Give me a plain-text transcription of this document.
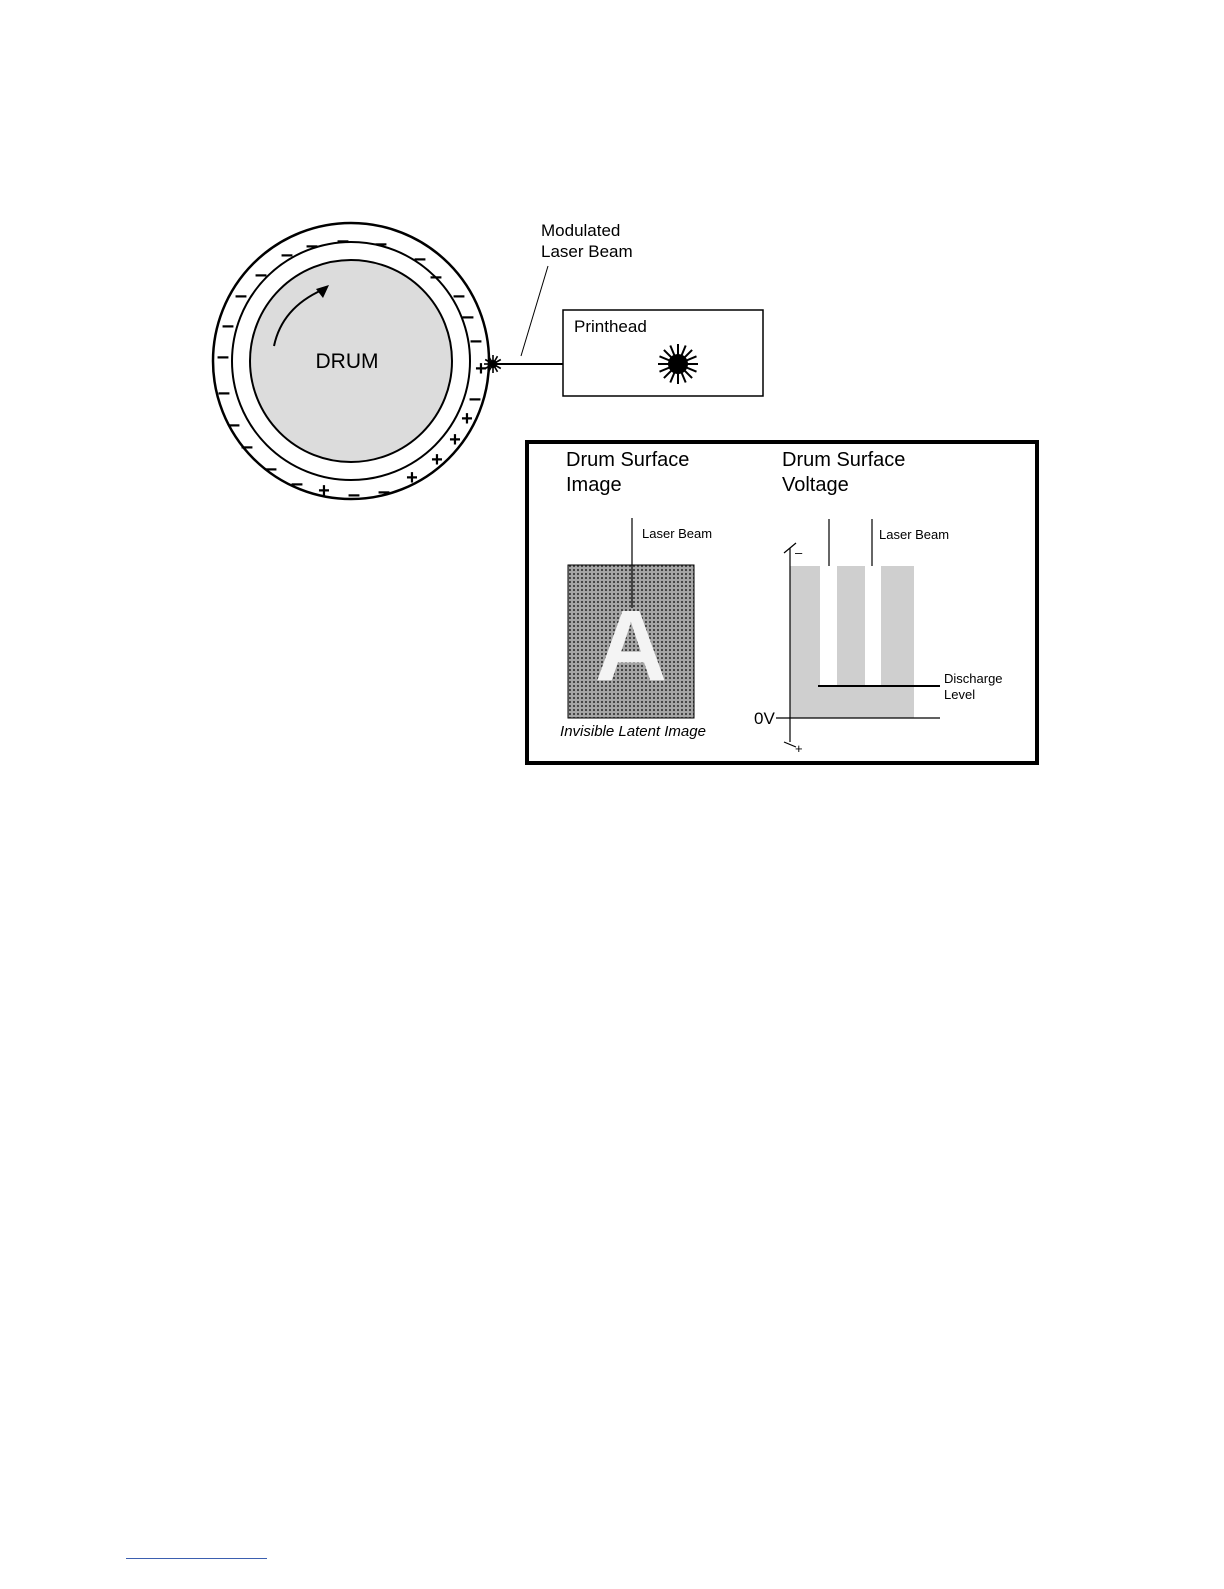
DRUM
– –
–
–	–
–	–
–	–
–	–
–
–
–	–
–
–
–
– – –
+
+
+
+
+
+
Modulated
Laser Beam
Printhead
Drum Surface
Image
A
Laser Beam
Invisible Latent Image
Drum Surface
Voltage
–
+
0V
Discharge
Level
Laser Beam
